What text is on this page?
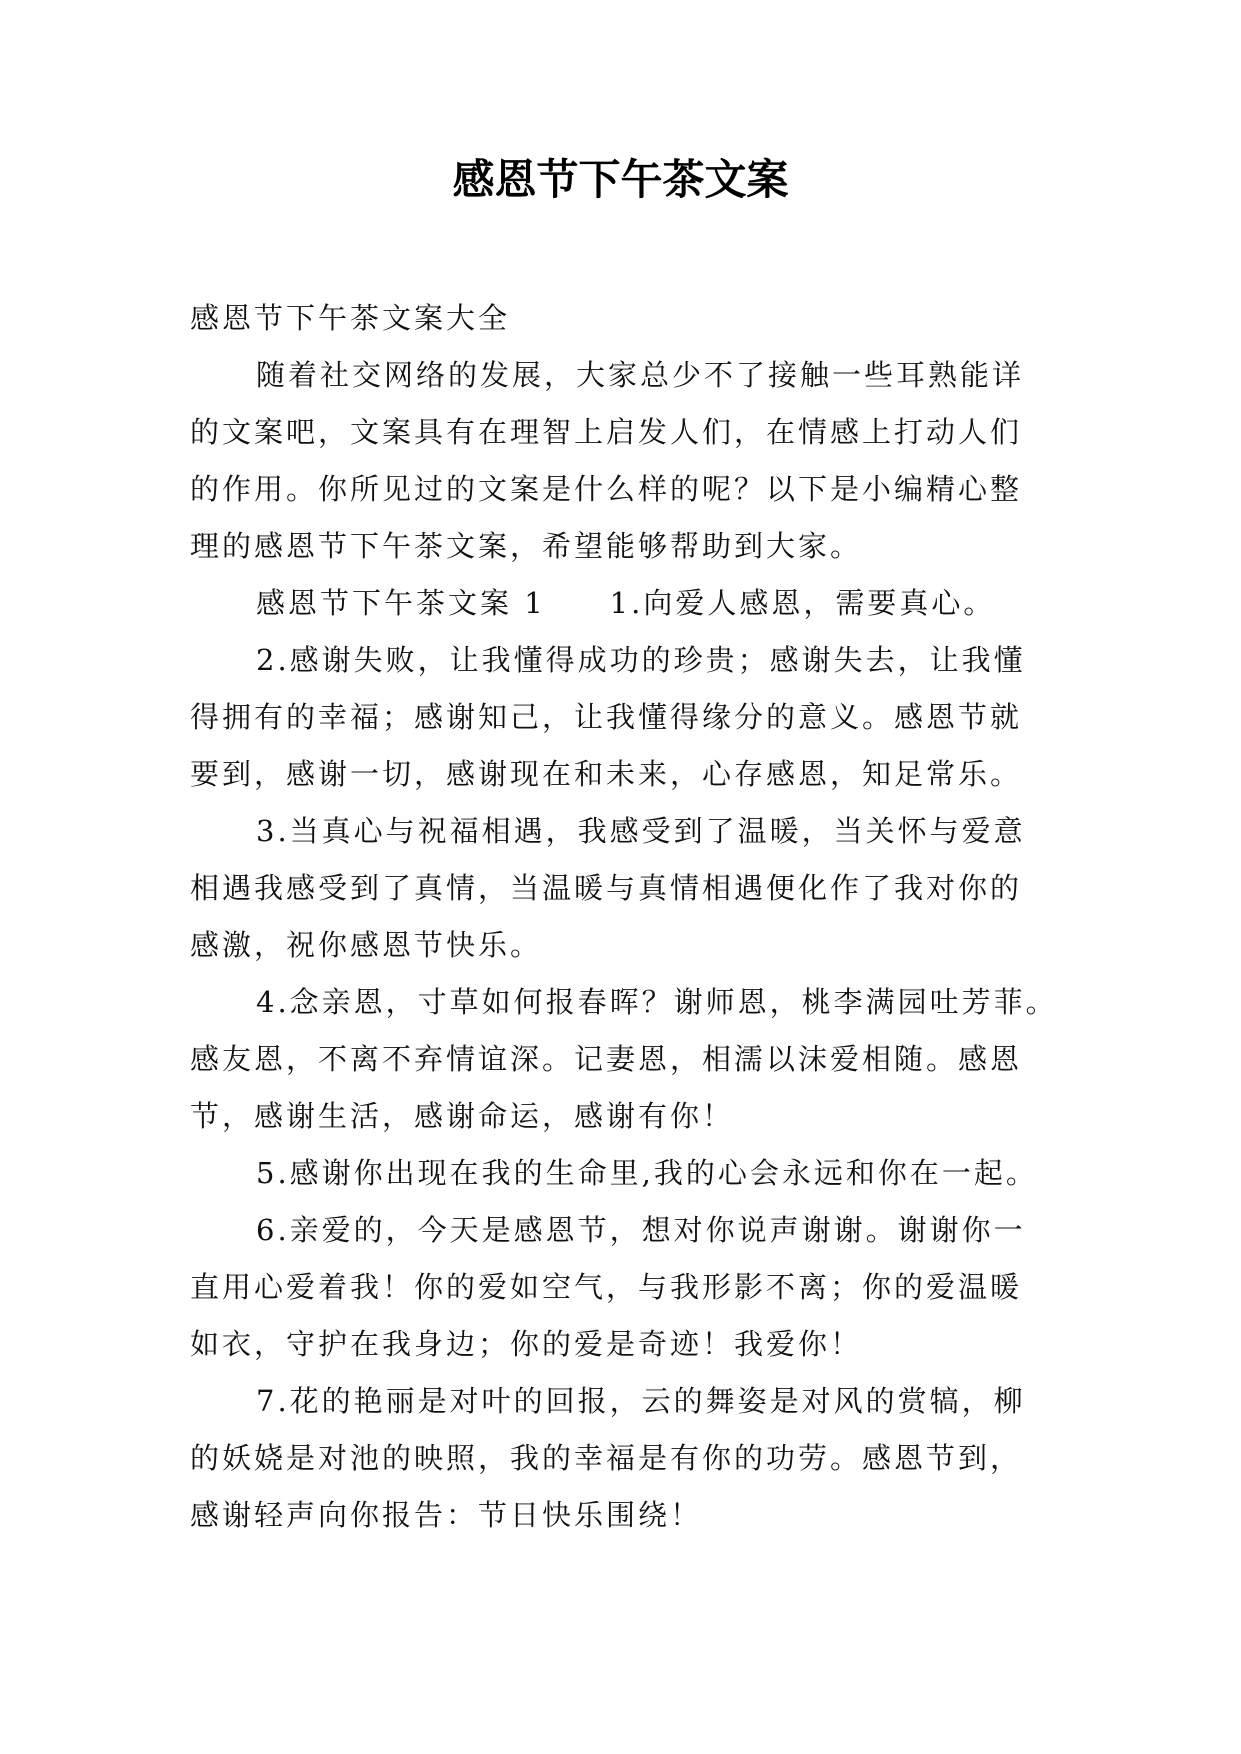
感恩节下午茶文案
感恩节下午茶文案大全
随着社交网络的发展，大家总少不了接触一些耳熟能详
的文案吧，文案具有在理智上启发人们，在情感上打动人们
的作用。你所见过的文案是什么样的呢？以下是小编精心整
理的感恩节下午茶文案，希望能够帮助到大家。
感恩节下午茶文案 1　　1.向爱人感恩，需要真心。
2.感谢失败，让我懂得成功的珍贵；感谢失去，让我懂
得拥有的幸福；感谢知己，让我懂得缘分的意义。感恩节就
要到，感谢一切，感谢现在和未来，心存感恩，知足常乐。
3.当真心与祝福相遇，我感受到了温暖，当关怀与爱意
相遇我感受到了真情，当温暖与真情相遇便化作了我对你的
感激，祝你感恩节快乐。
4.念亲恩，寸草如何报春晖？谢师恩，桃李满园吐芳菲。
感友恩，不离不弃情谊深。记妻恩，相濡以沫爱相随。感恩
节，感谢生活，感谢命运，感谢有你！
5.感谢你出现在我的生命里,我的心会永远和你在一起。
6.亲爱的，今天是感恩节，想对你说声谢谢。谢谢你一
直用心爱着我！你的爱如空气，与我形影不离；你的爱温暖
如衣，守护在我身边；你的爱是奇迹！我爱你！
7.花的艳丽是对叶的回报，云的舞姿是对风的赏犒，柳
的妖娆是对池的映照，我的幸福是有你的功劳。感恩节到，
感谢轻声向你报告：节日快乐围绕！
